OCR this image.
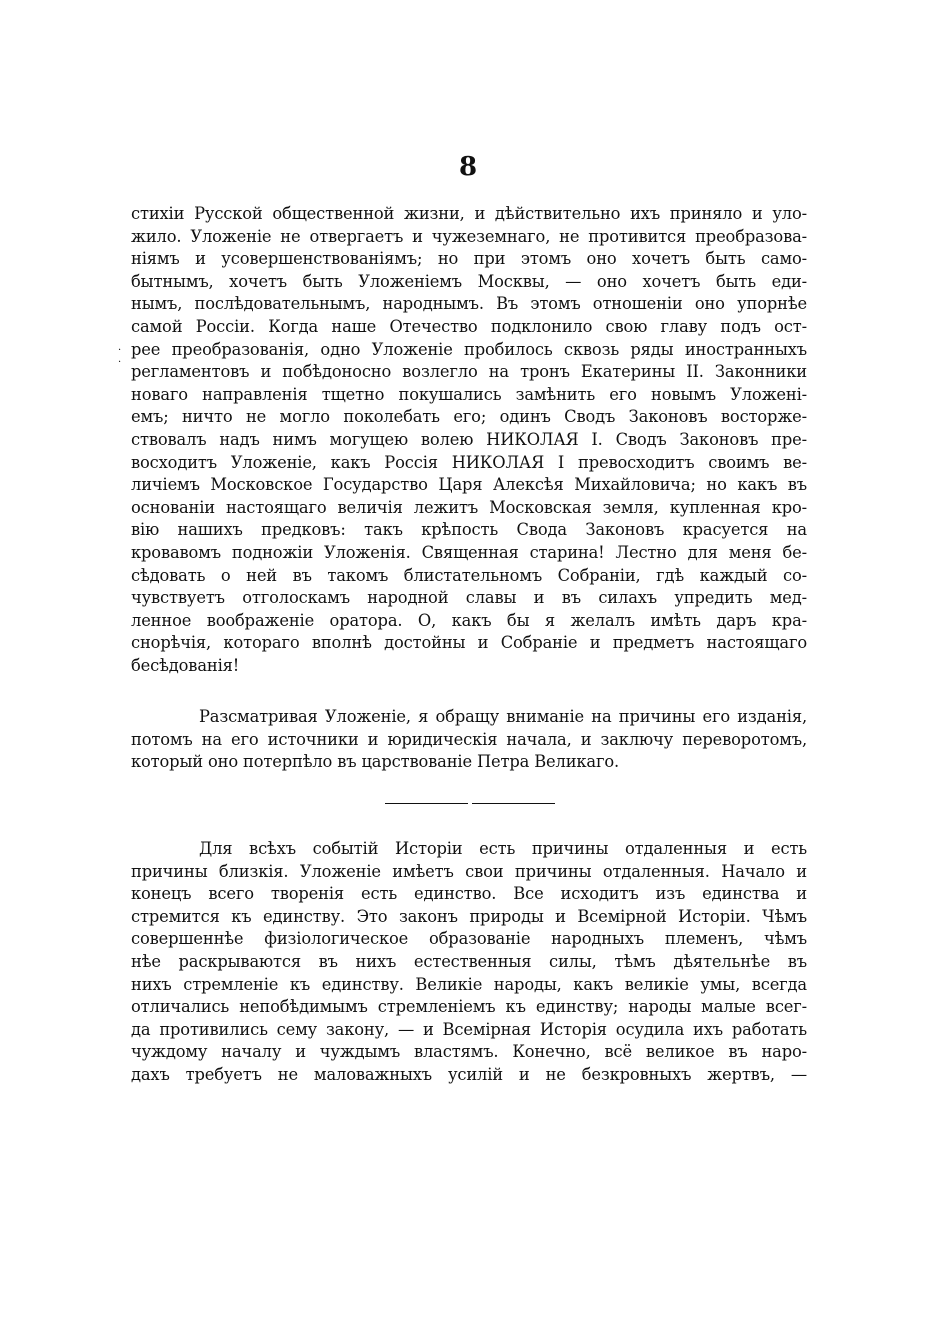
8
·
·
стихіи Русской общественной жизни, и дѣйствительно ихъ приняло и уло-
жило. Уложеніе не отвергаетъ и чужеземнаго, не противится преобразова-
ніямъ и усовершенствованіямъ; но при этомъ оно хочетъ быть само-
бытнымъ, хочетъ быть Уложеніемъ Москвы, — оно хочетъ быть еди-
нымъ, послѣдовательнымъ, народнымъ. Въ этомъ отношеніи оно упорнѣе
самой Россіи. Когда наше Отечество подклонило свою главу подъ ост-
рее преобразованія, одно Уложеніе пробилось сквозь ряды иностранныхъ
регламентовъ и побѣдоносно возлегло на тронъ Екатерины II. Законники
новаго направленія тщетно покушались замѣнить его новымъ Уложені-
емъ; ничто не могло поколебать его; одинъ Сводъ Законовъ восторже-
ствовалъ надъ нимъ могущею волею НИКОЛАЯ I. Сводъ Законовъ пре-
восходитъ Уложеніе, какъ Россія НИКОЛАЯ I превосходитъ своимъ ве-
личіемъ Московское Государство Царя Алексѣя Михайловича; но какъ въ
основаніи настоящаго величія лежитъ Московская земля, купленная кро-
вію нашихъ предковъ: такъ крѣпость Свода Законовъ красуется на
кровавомъ подножіи Уложенія. Священная старина! Лестно для меня бе-
сѣдовать о ней въ такомъ блистательномъ Собраніи, гдѣ каждый со-
чувствуетъ отголоскамъ народной славы и въ силахъ упредить мед-
ленное воображеніе оратора. О, какъ бы я желалъ имѣть даръ кра-
снорѣчія, котораго вполнѣ достойны и Собраніе и предметъ настоящаго
бесѣдованія!
Разсматривая Уложеніе, я обращу вниманіе на причины его изданія,
потомъ на его источники и юридическія начала, и заключу переворотомъ,
который оно потерпѣло въ царствованіе Петра Великаго.
Для всѣхъ событій Исторіи есть причины отдаленныя и есть
причины близкія. Уложеніе имѣетъ свои причины отдаленныя. Начало и
конецъ всего творенія есть единство. Все исходитъ изъ единства и
стремится къ единству. Это законъ природы и Всемірной Исторіи. Чѣмъ
совершеннѣе физіологическое образованіе народныхъ племенъ, чѣмъ
нѣе раскрываются въ нихъ естественныя силы, тѣмъ дѣятельнѣе въ
нихъ стремленіе къ единству. Великіе народы, какъ великіе умы, всегда
отличались непобѣдимымъ стремленіемъ къ единству; народы малые всег-
да противились сему закону, — и Всемірная Исторія осудила ихъ работать
чуждому началу и чуждымъ властямъ. Конечно, всё великое въ наро-
дахъ требуетъ не маловажныхъ усилій и не безкровныхъ жертвъ, —
